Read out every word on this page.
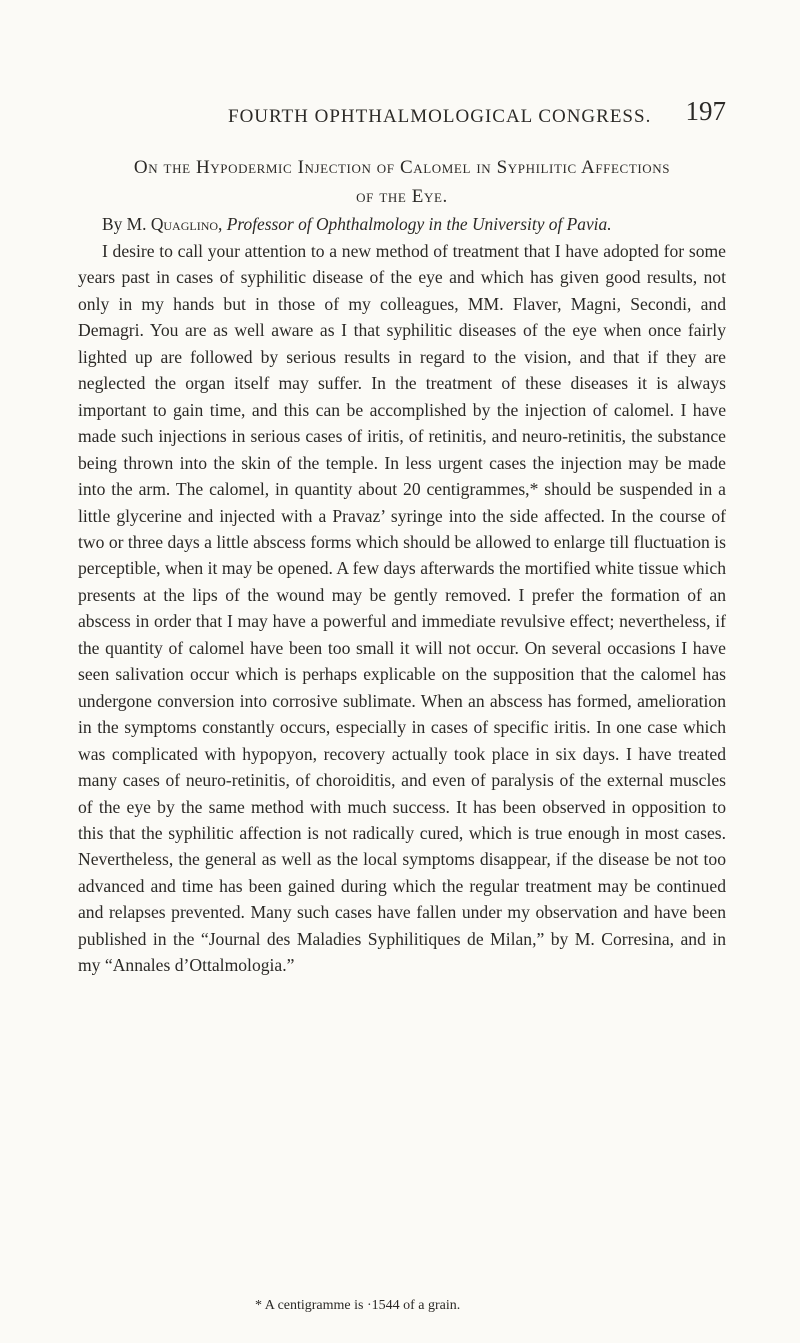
FOURTH OPHTHALMOLOGICAL CONGRESS. 197
On the Hypodermic Injection of Calomel in Syphilitic Affections
of the Eye.
By M. Quaglino, Professor of Ophthalmology in the University of Pavia.

I desire to call your attention to a new method of treatment that I have adopted for some years past in cases of syphilitic disease of the eye and which has given good results, not only in my hands but in those of my colleagues, MM. Flaver, Magni, Secondi, and Demagri. You are as well aware as I that syphilitic diseases of the eye when once fairly lighted up are followed by serious results in regard to the vision, and that if they are neglected the organ itself may suffer. In the treatment of these diseases it is always important to gain time, and this can be accomplished by the injection of calomel. I have made such injections in serious cases of iritis, of retinitis, and neuro-retinitis, the substance being thrown into the skin of the temple. In less urgent cases the injection may be made into the arm. The calomel, in quantity about 20 centigrammes,* should be suspended in a little glycerine and injected with a Pravaz’ syringe into the side affected. In the course of two or three days a little abscess forms which should be allowed to enlarge till fluctuation is perceptible, when it may be opened. A few days afterwards the mortified white tissue which presents at the lips of the wound may be gently removed. I prefer the formation of an abscess in order that I may have a powerful and immediate revulsive effect; nevertheless, if the quantity of calomel have been too small it will not occur. On several occasions I have seen salivation occur which is perhaps explicable on the supposition that the calomel has undergone conversion into corrosive sublimate. When an abscess has formed, amelioration in the symptoms constantly occurs, especially in cases of specific iritis. In one case which was complicated with hypopyon, recovery actually took place in six days. I have treated many cases of neuro-retinitis, of choroiditis, and even of paralysis of the external muscles of the eye by the same method with much success. It has been observed in opposition to this that the syphilitic affection is not radically cured, which is true enough in most cases. Nevertheless, the general as well as the local symptoms disappear, if the disease be not too advanced and time has been gained during which the regular treatment may be continued and relapses prevented. Many such cases have fallen under my observation and have been published in the “Journal des Maladies Syphilitiques de Milan,” by M. Corresina, and in my “Annales d’Ottalmologia.”

* A centigramme is ·1544 of a grain.
